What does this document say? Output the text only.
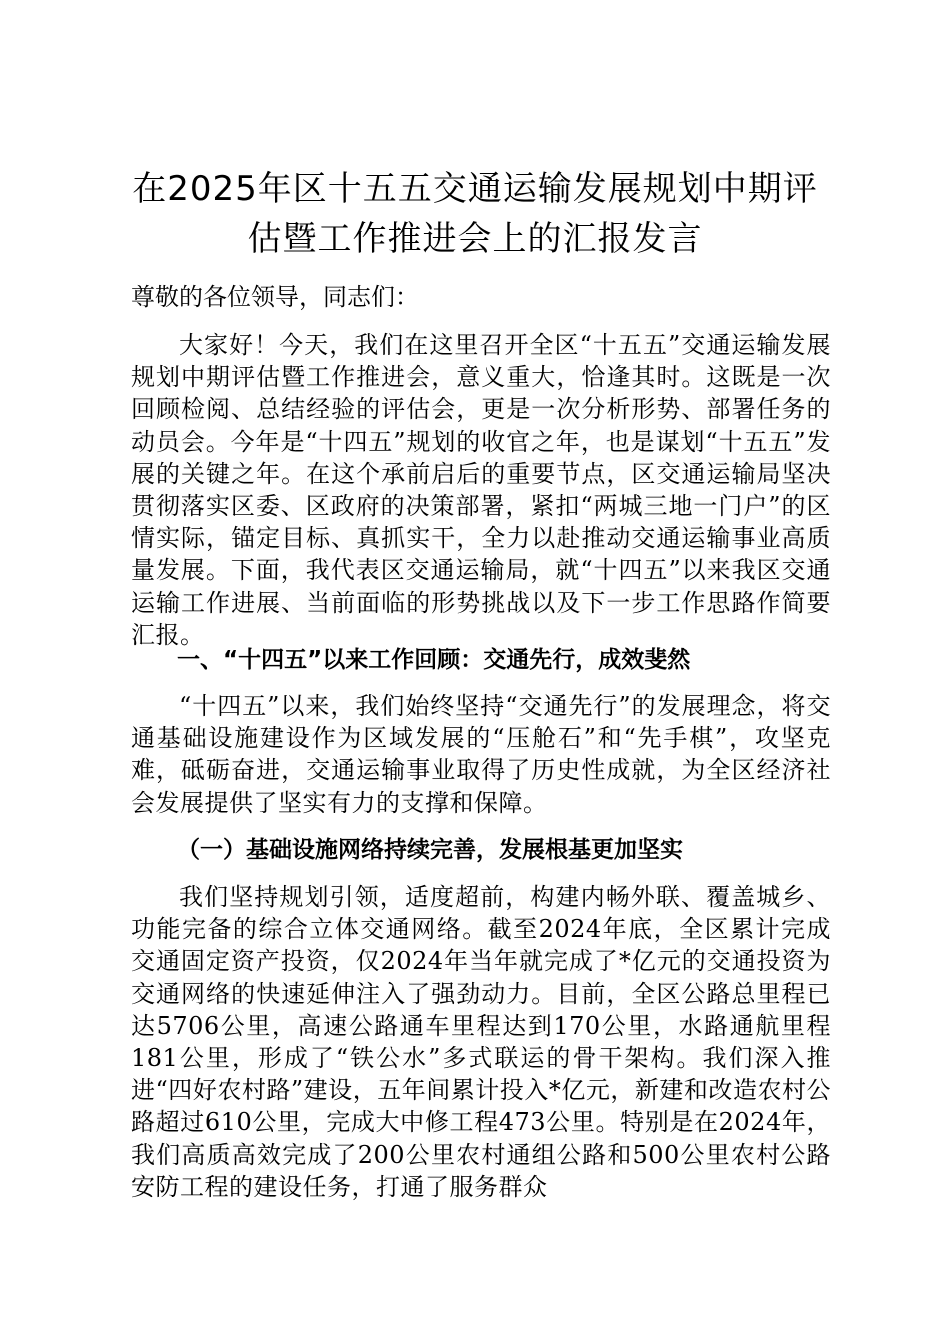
在2025年区十五五交通运输发展规划中期评
估暨工作推进会上的汇报发言

尊敬的各位领导，同志们：

大家好！今天，我们在这里召开全区“十五五”交通运输发展规划中期评估暨工作推进会，意义重大，恰逢其时。这既是一次回顾检阅、总结经验的评估会，更是一次分析形势、部署任务的动员会。今年是“十四五”规划的收官之年，也是谋划“十五五”发展的关键之年。在这个承前启后的重要节点，区交通运输局坚决贯彻落实区委、区政府的决策部署，紧扣“两城三地一门户”的区情实际，锚定目标、真抓实干，全力以赴推动交通运输事业高质量发展。下面，我代表区交通运输局，就“十四五”以来我区交通运输工作进展、当前面临的形势挑战以及下一步工作思路作简要汇报。

一、“十四五”以来工作回顾：交通先行，成效斐然

“十四五”以来，我们始终坚持“交通先行”的发展理念，将交通基础设施建设作为区域发展的“压舱石”和“先手棋”，攻坚克难，砥砺奋进，交通运输事业取得了历史性成就，为全区经济社会发展提供了坚实有力的支撑和保障。

（一）基础设施网络持续完善，发展根基更加坚实

我们坚持规划引领，适度超前，构建内畅外联、覆盖城乡、功能完备的综合立体交通网络。截至2024年底，全区累计完成交通固定资产投资，仅2024年当年就完成了*亿元的交通投资为交通网络的快速延伸注入了强劲动力。目前，全区公路总里程已达5706公里，高速公路通车里程达到170公里，水路通航里程181公里，形成了“铁公水”多式联运的骨干架构。我们深入推进“四好农村路”建设，五年间累计投入*亿元，新建和改造农村公路超过610公里，完成大中修工程473公里。特别是在2024年，我们高质高效完成了200公里农村通组公路和500公里农村公路安防工程的建设任务，打通了服务群众
